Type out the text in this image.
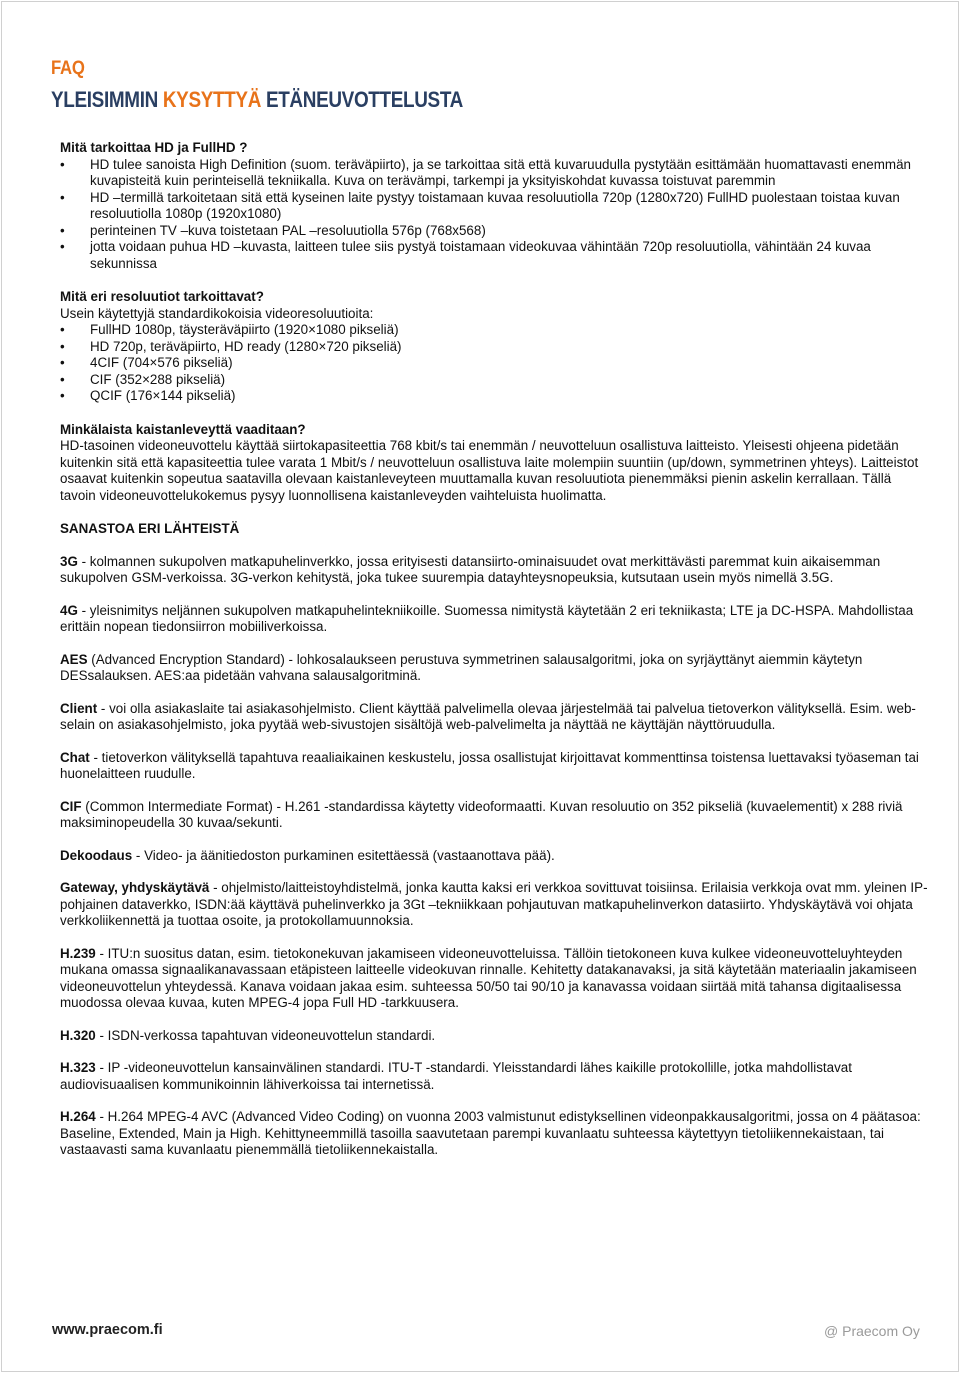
FAQ
YLEISIMMIN KYSYTTYÄ ETÄNEUVOTTELUSTA

Mitä tarkoittaa HD ja FullHD ?

• HD tulee sanoista High Definition (suom. teräväpiirto), ja se tarkoittaa sitä että kuvaruudulla pystytään esittämään huomattavasti enemmän kuvapisteitä kuin perinteisellä tekniikalla. Kuva on terävämpi, tarkempi ja yksityiskohdat kuvassa toistuvat paremmin
• HD –termillä tarkoitetaan sitä että kyseinen laite pystyy toistamaan kuvaa resoluutiolla 720p (1280x720) FullHD puolestaan toistaa kuvan resoluutiolla 1080p (1920x1080)
• perinteinen TV –kuva toistetaan PAL –resoluutiolla 576p (768x568)
• jotta voidaan puhua HD –kuvasta, laitteen tulee siis pystyä toistamaan videokuvaa vähintään 720p resoluutiolla, vähintään 24 kuvaa sekunnissa

Mitä eri resoluutiot tarkoittavat?

Usein käytettyjä standardikokoisia videoresoluutioita:

• FullHD 1080p, täysteräväpiirto (1920×1080 pikseliä)
• HD 720p, teräväpiirto, HD ready (1280×720 pikseliä)
• 4CIF (704×576 pikseliä)
• CIF (352×288 pikseliä)
• QCIF (176×144 pikseliä)

Minkälaista kaistanleveyttä vaaditaan?

HD-tasoinen videoneuvottelu käyttää siirtokapasiteettia 768 kbit/s tai enemmän / neuvotteluun osallistuva laitteisto. Yleisesti ohjeena pidetään kuitenkin sitä että kapasiteettia tulee varata 1 Mbit/s / neuvotteluun osallistuva laite molempiin suuntiin (up/down, symmetrinen yhteys). Laitteistot osaavat kuitenkin sopeutua saatavilla olevaan kaistanleveyteen muuttamalla kuvan resoluutiota pienemmäksi pienin askelin kerrallaan. Tällä tavoin videoneuvottelukokemus pysyy luonnollisena kaistanleveyden vaihteluista huolimatta.

SANASTOA ERI LÄHTEISTÄ

3G - kolmannen sukupolven matkapuhelinverkko, jossa erityisesti datansiirto-ominaisuudet ovat merkittävästi paremmat kuin aikaisemman sukupolven GSM-verkoissa. 3G-verkon kehitystä, joka tukee suurempia datayhteysnopeuksia, kutsutaan usein myös nimellä 3.5G.

4G - yleisnimitys neljännen sukupolven matkapuhelintekniikoille. Suomessa nimitystä käytetään 2 eri tekniikasta; LTE ja DC-HSPA. Mahdollistaa erittäin nopean tiedonsiirron mobiiliverkoissa.

AES (Advanced Encryption Standard) - lohkosalaukseen perustuva symmetrinen salausalgoritmi, joka on syrjäyttänyt aiemmin käytetyn DESsalauksen. AES:aa pidetään vahvana salausalgoritminä.

Client - voi olla asiakaslaite tai asiakasohjelmisto. Client käyttää palvelimella olevaa järjestelmää tai palvelua tietoverkon välityksellä. Esim. web-selain on asiakasohjelmisto, joka pyytää web-sivustojen sisältöjä web-palvelimelta ja näyttää ne käyttäjän näyttöruudulla.

Chat - tietoverkon välityksellä tapahtuva reaaliaikainen keskustelu, jossa osallistujat kirjoittavat kommenttinsa toistensa luettavaksi työaseman tai huonelaitteen ruudulle.

CIF (Common Intermediate Format) - H.261 -standardissa käytetty videoformaatti. Kuvan resoluutio on 352 pikseliä (kuvaelementit) x 288 riviä maksiminopeudella 30 kuvaa/sekunti.

Dekoodaus - Video- ja äänitiedoston purkaminen esitettäessä (vastaanottava pää).

Gateway, yhdyskäytävä - ohjelmisto/laitteistoyhdistelmä, jonka kautta kaksi eri verkkoa sovittuvat toisiinsa. Erilaisia verkkoja ovat mm. yleinen IP-pohjainen dataverkko, ISDN:ää käyttävä puhelinverkko ja 3Gt –tekniikkaan pohjautuvan matkapuhelinverkon datasiirto. Yhdyskäytävä voi ohjata verkkoliikennettä ja tuottaa osoite, ja protokollamuunnoksia.

H.239 - ITU:n suositus datan, esim. tietokonekuvan jakamiseen videoneuvotteluissa. Tällöin tietokoneen kuva kulkee videoneuvotteluyhteyden mukana omassa signaalikanavassaan etäpisteen laitteelle videokuvan rinnalle. Kehitetty datakanavaksi, ja sitä käytetään materiaalin jakamiseen videoneuvottelun yhteydessä. Kanava voidaan jakaa esim. suhteessa 50/50 tai 90/10 ja kanavassa voidaan siirtää mitä tahansa digitaalisessa muodossa olevaa kuvaa, kuten MPEG-4 jopa Full HD -tarkkuusera.

H.320 - ISDN-verkossa tapahtuvan videoneuvottelun standardi.

H.323 - IP -videoneuvottelun kansainvälinen standardi. ITU-T -standardi. Yleisstandardi lähes kaikille protokollille, jotka mahdollistavat audiovisuaalisen kommunikoinnin lähiverkoissa tai internetissä.

H.264 - H.264 MPEG-4 AVC (Advanced Video Coding) on vuonna 2003 valmistunut edistyksellinen videonpakkausalgoritmi, jossa on 4 päätasoa: Baseline, Extended, Main ja High. Kehittyneemmillä tasoilla saavutetaan parempi kuvanlaatu suhteessa käytettyyn tietoliikennekaistaan, tai vastaavasti sama kuvanlaatu pienemmällä tietoliikennekaistalla.

www.praecom.fi	@ Praecom Oy
